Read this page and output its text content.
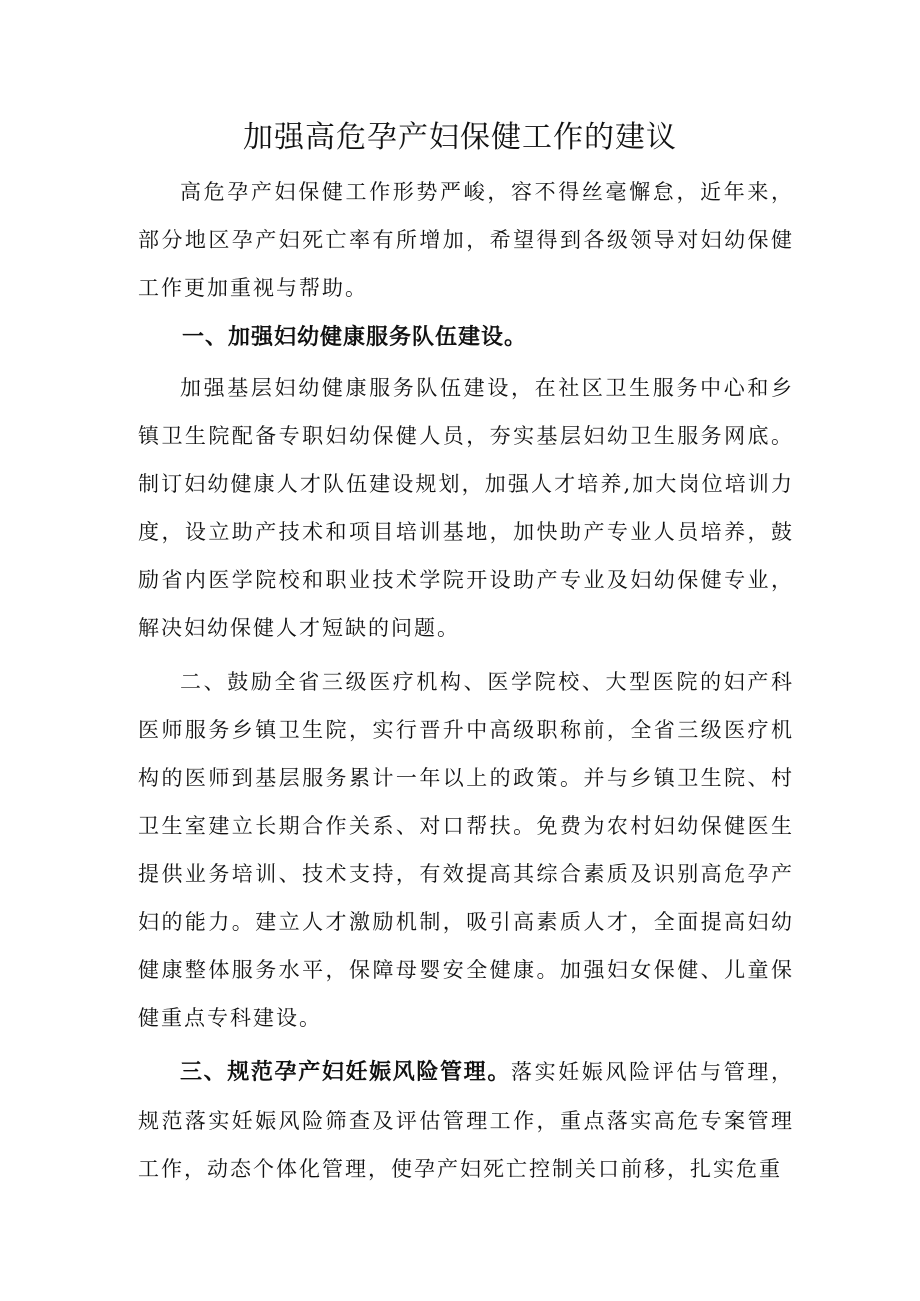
加强高危孕产妇保健工作的建议

高危孕产妇保健工作形势严峻，容不得丝毫懈怠，近年来，部分地区孕产妇死亡率有所增加，希望得到各级领导对妇幼保健工作更加重视与帮助。

一、加强妇幼健康服务队伍建设。

加强基层妇幼健康服务队伍建设，在社区卫生服务中心和乡镇卫生院配备专职妇幼保健人员，夯实基层妇幼卫生服务网底。制订妇幼健康人才队伍建设规划，加强人才培养,加大岗位培训力度，设立助产技术和项目培训基地，加快助产专业人员培养，鼓励省内医学院校和职业技术学院开设助产专业及妇幼保健专业，解决妇幼保健人才短缺的问题。

二、鼓励全省三级医疗机构、医学院校、大型医院的妇产科医师服务乡镇卫生院，实行晋升中高级职称前，全省三级医疗机构的医师到基层服务累计一年以上的政策。并与乡镇卫生院、村卫生室建立长期合作关系、对口帮扶。免费为农村妇幼保健医生提供业务培训、技术支持，有效提高其综合素质及识别高危孕产妇的能力。建立人才激励机制，吸引高素质人才，全面提高妇幼健康整体服务水平，保障母婴安全健康。加强妇女保健、儿童保健重点专科建设。

三、规范孕产妇妊娠风险管理。落实妊娠风险评估与管理，规范落实妊娠风险筛查及评估管理工作，重点落实高危专案管理工作，动态个体化管理，使孕产妇死亡控制关口前移，扎实危重
